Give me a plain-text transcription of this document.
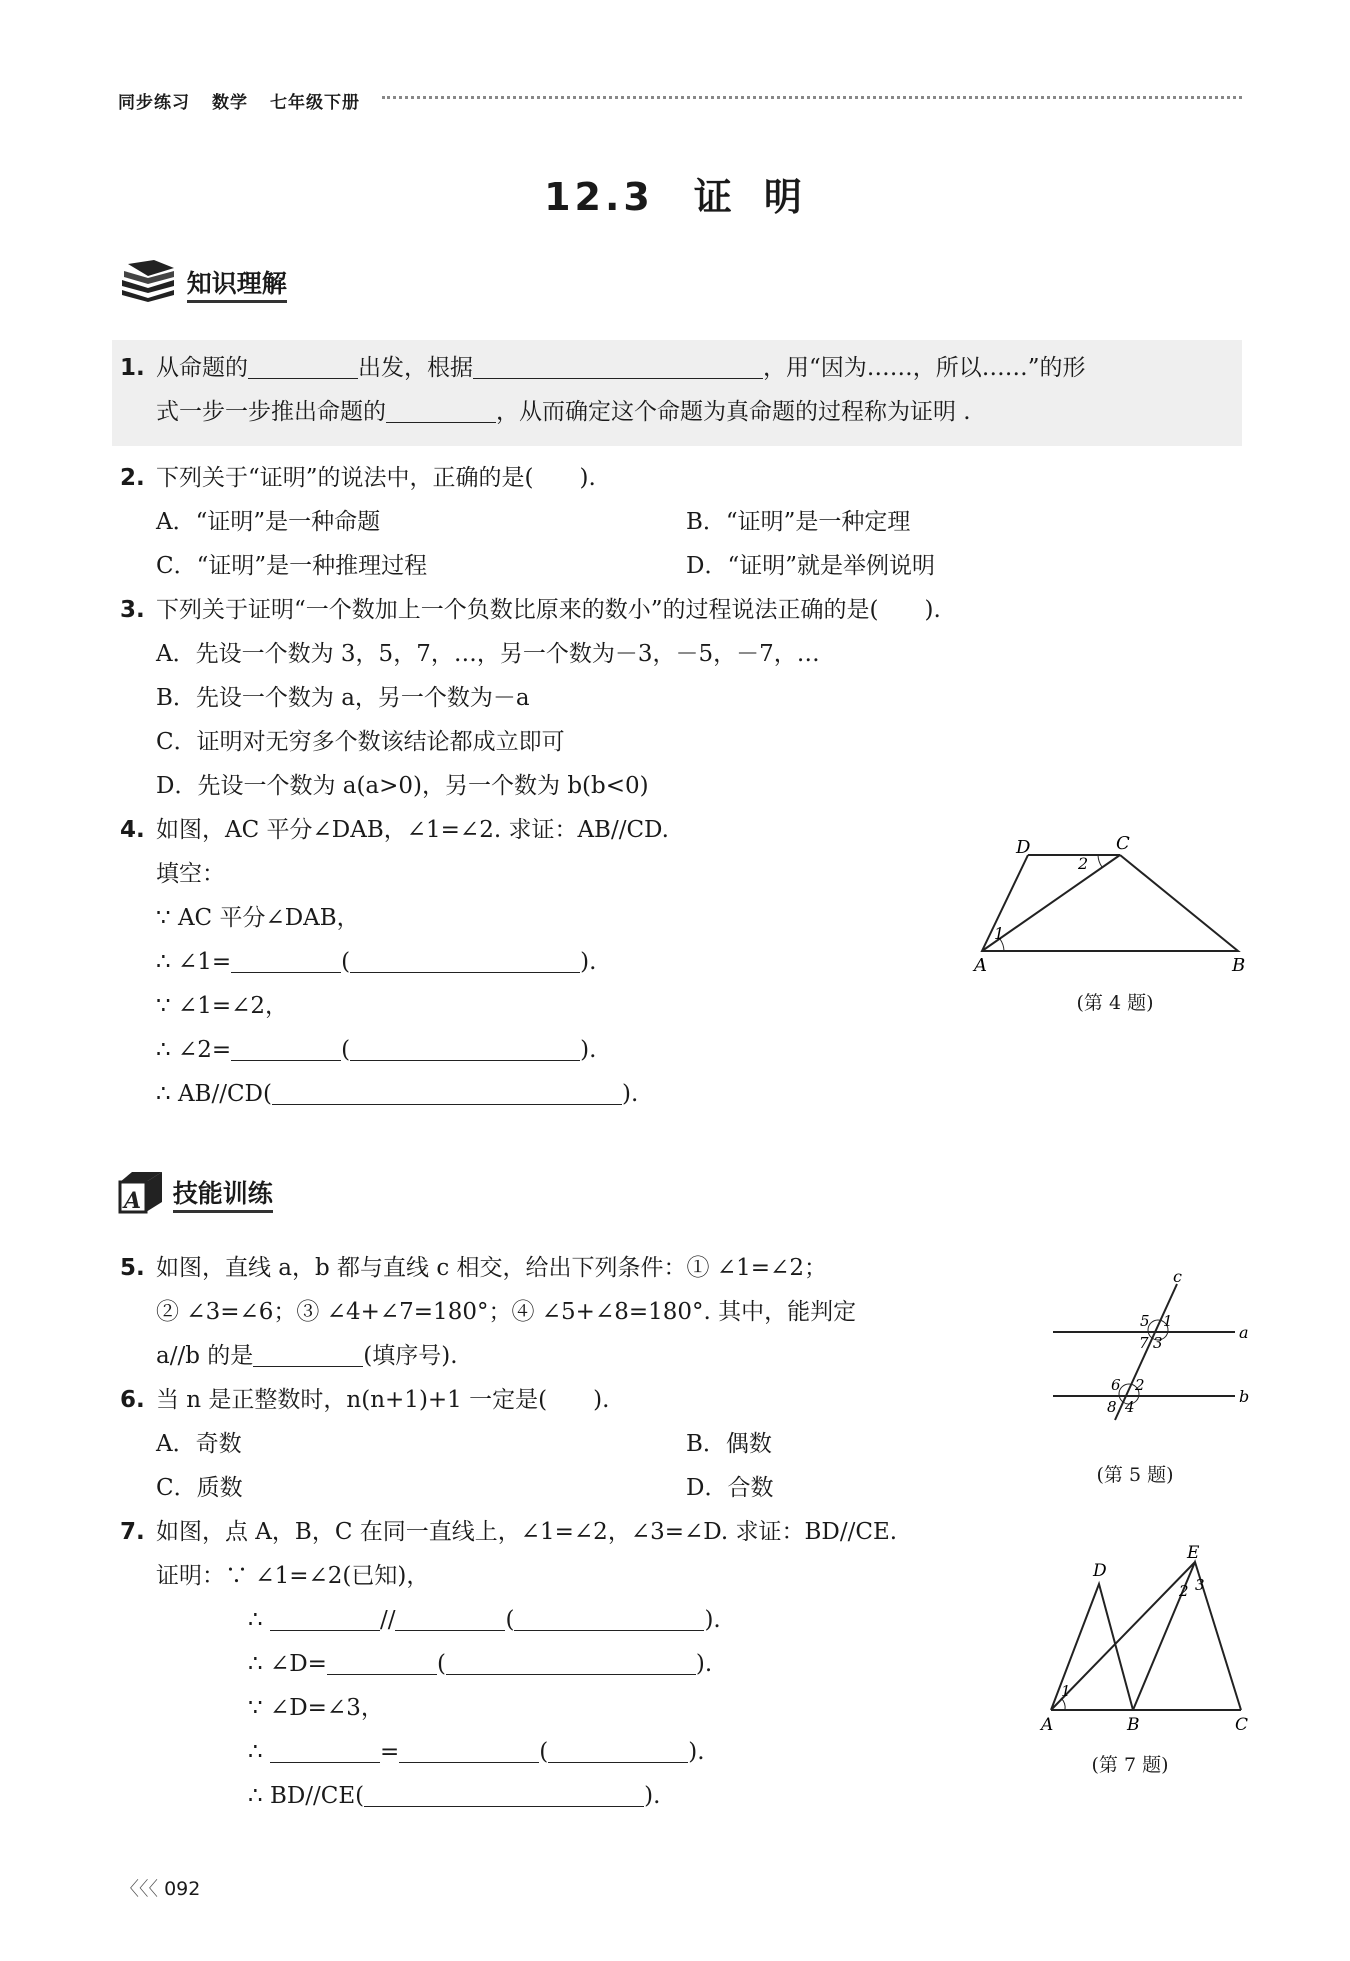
同步练习 数学 七年级下册
12.3 证 明
知识理解
1. 从命题的	出发，根据	，用“因为……，所以……”的形
式一步一步推出命题的	，从而确定这个命题为真命题的过程称为证明 .
2. 下列关于“证明”的说法中，正确的是(　　).
A．“证明”是一种命题	B．“证明”是一种定理
C．“证明”是一种推理过程	D．“证明”就是举例说明
3. 下列关于证明“一个数加上一个负数比原来的数小”的过程说法正确的是(　　).
A．先设一个数为 3，5，7，…，另一个数为－3，－5，－7，…
B．先设一个数为 a，另一个数为－a
C．证明对无穷多个数该结论都成立即可
D．先设一个数为 a(a>0)，另一个数为 b(b<0)
4. 如图，AC 平分∠DAB，∠1=∠2. 求证：AB//CD.
填空：
∵ AC 平分∠DAB，
∴ ∠1=	(	).
∵ ∠1=∠2，
∴ ∠2=	(	).
∴ AB//CD(	).
D	C
A	B
1
2
(第 4 题)
A 技能训练
5. 如图，直线 a，b 都与直线 c 相交，给出下列条件：① ∠1=∠2；
② ∠3=∠6；③ ∠4+∠7=180°；④ ∠5+∠8=180°. 其中，能判定
a//b 的是	(填序号).
c
a
b
1
2
3
4
5
6
7
8
(第 5 题)
6. 当 n 是正整数时，n(n+1)+1 一定是(　　).
A．奇数	B．偶数
C．质数	D．合数
7. 如图，点 A，B，C 在同一直线上，∠1=∠2，∠3=∠D. 求证：BD//CE.
证明：∵ ∠1=∠2(已知)，
∴	//	(	).
∴ ∠D=	(	).
∵ ∠D=∠3，
∴	=	(	).
∴ BD//CE(	).
D
E
A	B	C
1
2 3
(第 7 题)
〈〈〈 092
